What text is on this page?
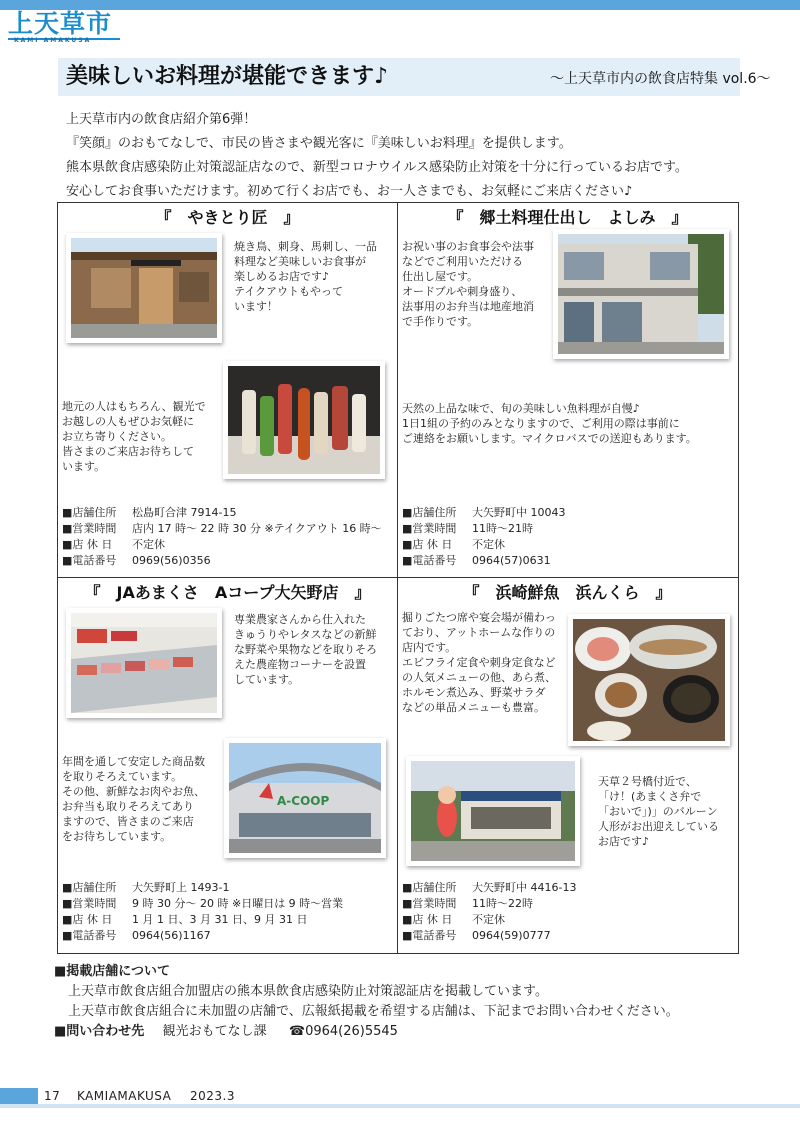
上天草市
KAMI AMAKUSA
美味しいお料理が堪能できます♪	～上天草市内の飲食店特集 vol.6～

上天草市内の飲食店紹介第6弾！

『笑顔』のおもてなしで、市民の皆さまや観光客に『美味しいお料理』を提供します。

熊本県飲食店感染防止対策認証店なので、新型コロナウイルス感染防止対策を十分に行っているお店です。

安心してお食事いただけます。初めて行くお店でも、お一人さまでも、お気軽にご来店ください♪

『　やきとり匠　』

焼き鳥、刺身、馬刺し、一品

料理など美味しいお食事が

楽しめるお店です♪

テイクアウトもやって

います！

地元の人はもちろん、観光で

お越しの人もぜひお気軽に

お立ち寄りください。

皆さまのご来店お待ちして

います。

■ 店舗住所	松島町合津 7914-15
■ 営業時間	店内 17 時～ 22 時 30 分 ※テイクアウト 16 時～
■ 店 休 日	不定休
■ 電話番号	0969(56)0356
『　郷土料理仕出し　よしみ　』

お祝い事のお食事会や法事

などでご利用いただける

仕出し屋です。

オードブルや刺身盛り、

法事用のお弁当は地産地消

で手作りです。

天然の上品な味で、旬の美味しい魚料理が自慢♪

1日1組の予約のみとなりますので、ご利用の際は事前に

ご連絡をお願いします。マイクロバスでの送迎もあります。

■ 店舗住所	大矢野町中 10043
■ 営業時間	11時～21時
■ 店 休 日	不定休
■ 電話番号	0964(57)0631
『　JAあまくさ　Aコープ大矢野店　』

専業農家さんから仕入れた

きゅうりやレタスなどの新鮮

な野菜や果物などを取りそろ

えた農産物コーナーを設置

しています。

A-COOP

年間を通して安定した商品数

を取りそろえています。

その他、新鮮なお肉やお魚、

お弁当も取りそろえてあり

ますので、皆さまのご来店

をお待ちしています。

■ 店舗住所	大矢野町上 1493-1
■ 営業時間	9 時 30 分～ 20 時 ※日曜日は 9 時～営業
■ 店 休 日	1 月 1 日、3 月 31 日、9 月 31 日
■ 電話番号	0964(56)1167
『　浜崎鮮魚　浜んくら　』

掘りごたつ席や宴会場が備わっ

ており、アットホームな作りの

店内です。

エビフライ定食や刺身定食など

の人気メニューの他、あら煮、

ホルモン煮込み、野菜サラダ

などの単品メニューも豊富。

天草２号橋付近で、

「け！(あまくさ弁で

「おいで」)」のバルーン

人形がお出迎えしている

お店です♪

■ 店舗住所	大矢野町中 4416-13
■ 営業時間	11時～22時
■ 店 休 日	不定休
■ 電話番号	0964(59)0777
■掲載店舗について
上天草市飲食店組合加盟店の熊本県飲食店感染防止対策認証店を掲載しています。
上天草市飲食店組合に未加盟の店舗で、広報紙掲載を希望する店舗は、下記までお問い合わせください。
■問い合わせ先 観光おもてなし課 ☎0964(26)5545
17 KAMIAMAKUSA 2023.3
